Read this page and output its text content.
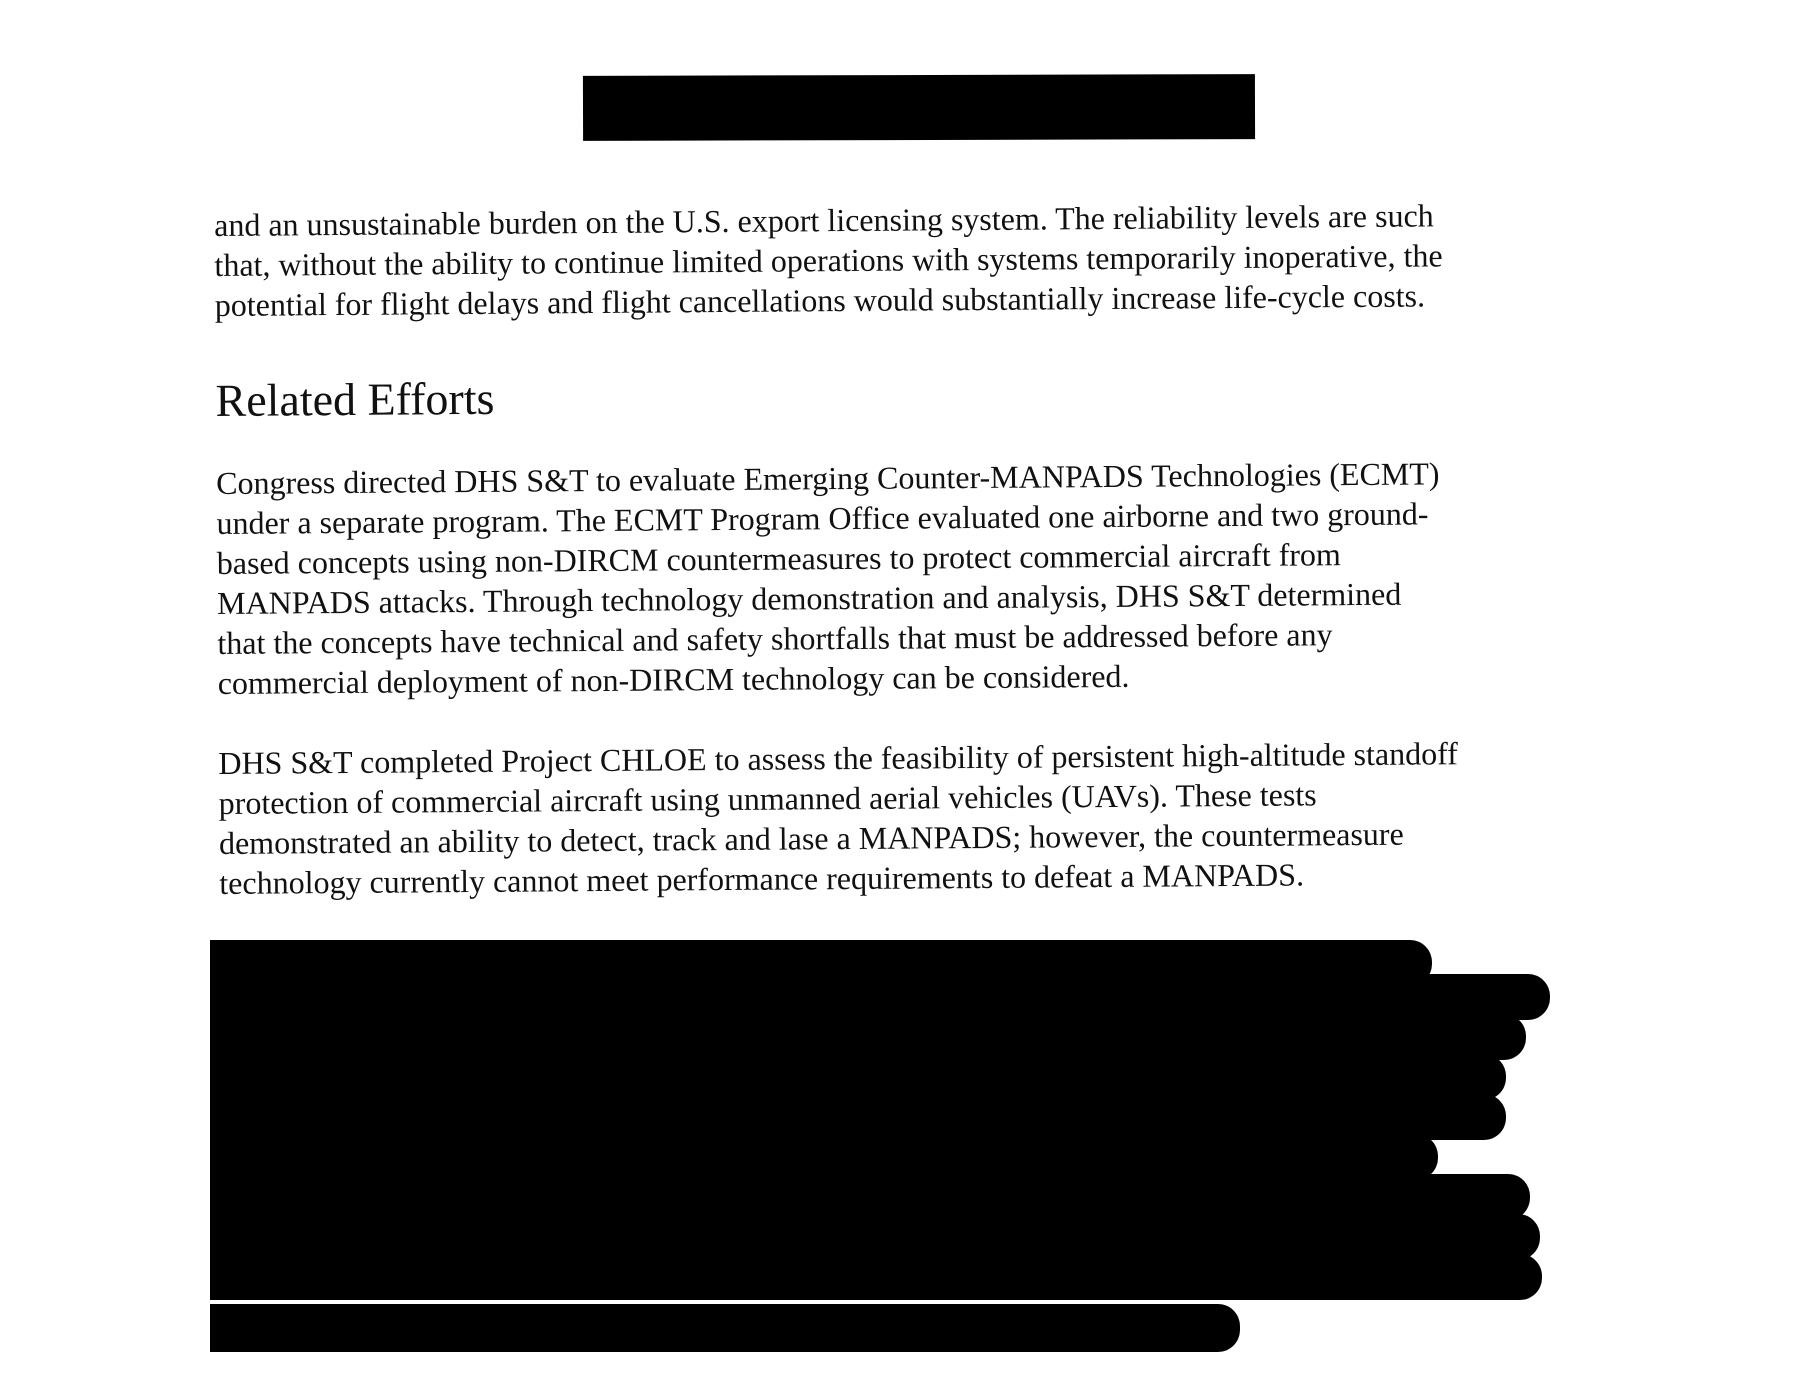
and an unsustainable burden on the U.S. export licensing system. The reliability levels are such
that, without the ability to continue limited operations with systems temporarily inoperative, the
potential for flight delays and flight cancellations would substantially increase life-cycle costs.

Related Efforts

Congress directed DHS S&T to evaluate Emerging Counter-MANPADS Technologies (ECMT)
under a separate program. The ECMT Program Office evaluated one airborne and two ground-
based concepts using non-DIRCM countermeasures to protect commercial aircraft from
MANPADS attacks. Through technology demonstration and analysis, DHS S&T determined
that the concepts have technical and safety shortfalls that must be addressed before any
commercial deployment of non-DIRCM technology can be considered.

DHS S&T completed Project CHLOE to assess the feasibility of persistent high-altitude standoff
protection of commercial aircraft using unmanned aerial vehicles (UAVs). These tests
demonstrated an ability to detect, track and lase a MANPADS; however, the countermeasure
technology currently cannot meet performance requirements to defeat a MANPADS.
